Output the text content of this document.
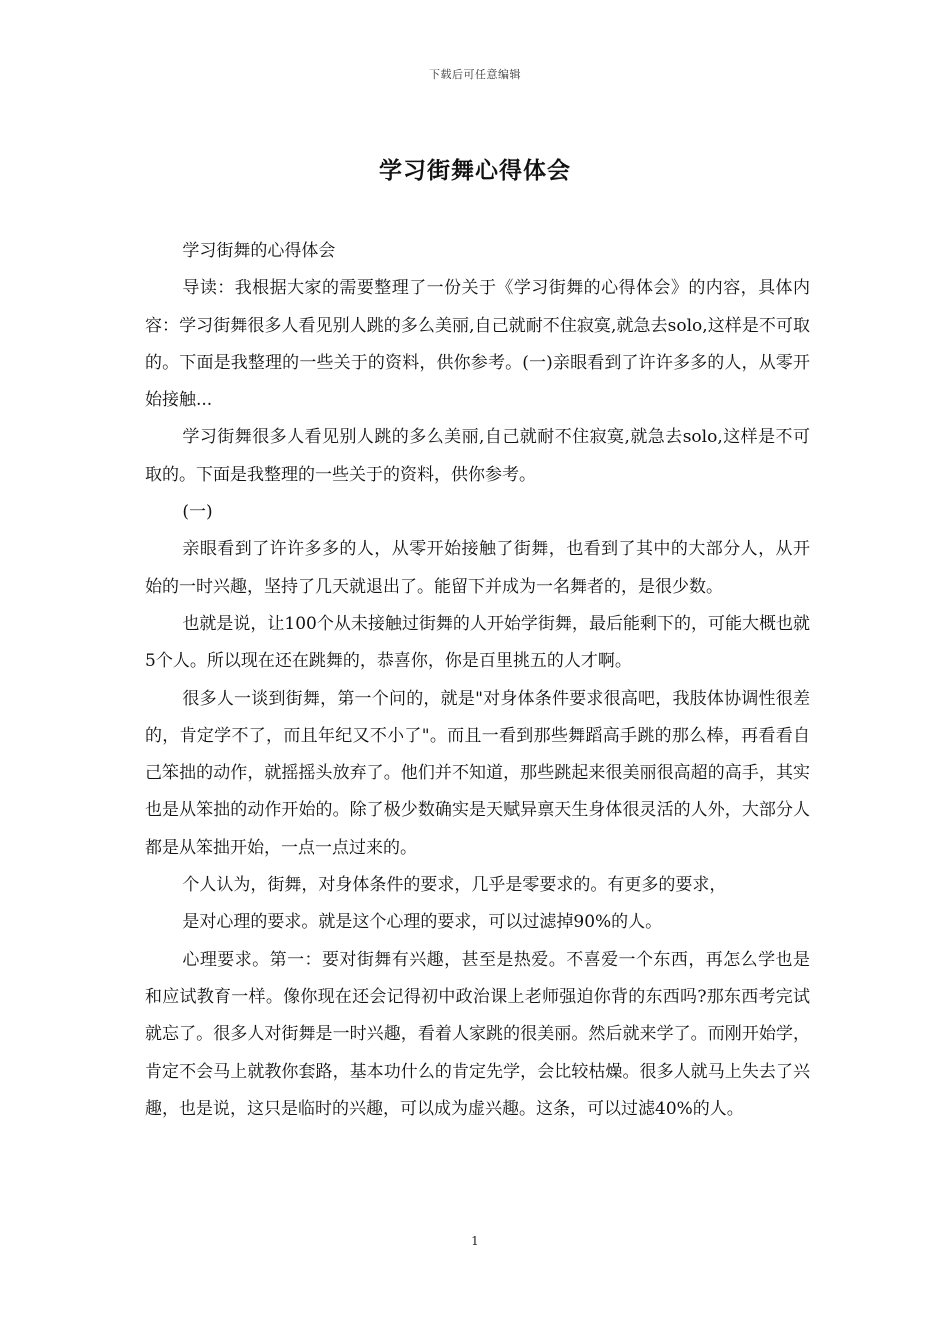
下载后可任意编辑
学习街舞心得体会

学习街舞的心得体会

导读：我根据大家的需要整理了一份关于《学习街舞的心得体会》的内容，具体内容：学习街舞很多人看见别人跳的多么美丽,自己就耐不住寂寞,就急去solo,这样是不可取的。下面是我整理的一些关于的资料，供你参考。(一)亲眼看到了许许多多的人，从零开始接触...

学习街舞很多人看见别人跳的多么美丽,自己就耐不住寂寞,就急去solo,这样是不可取的。下面是我整理的一些关于的资料，供你参考。

(一)

亲眼看到了许许多多的人，从零开始接触了街舞，也看到了其中的大部分人，从开始的一时兴趣，坚持了几天就退出了。能留下并成为一名舞者的，是很少数。

也就是说，让100个从未接触过街舞的人开始学街舞，最后能剩下的，可能大概也就5个人。所以现在还在跳舞的，恭喜你，你是百里挑五的人才啊。

很多人一谈到街舞，第一个问的，就是"对身体条件要求很高吧，我肢体协调性很差的，肯定学不了，而且年纪又不小了"。而且一看到那些舞蹈高手跳的那么棒，再看看自己笨拙的动作，就摇摇头放弃了。他们并不知道，那些跳起来很美丽很高超的高手，其实也是从笨拙的动作开始的。除了极少数确实是天赋异禀天生身体很灵活的人外，大部分人都是从笨拙开始，一点一点过来的。

个人认为，街舞，对身体条件的要求，几乎是零要求的。有更多的要求，

是对心理的要求。就是这个心理的要求，可以过滤掉90%的人。

心理要求。第一：要对街舞有兴趣，甚至是热爱。不喜爱一个东西，再怎么学也是和应试教育一样。像你现在还会记得初中政治课上老师强迫你背的东西吗?那东西考完试就忘了。很多人对街舞是一时兴趣，看着人家跳的很美丽。然后就来学了。而刚开始学，肯定不会马上就教你套路，基本功什么的肯定先学，会比较枯燥。很多人就马上失去了兴趣，也是说，这只是临时的兴趣，可以成为虚兴趣。这条，可以过滤40%的人。

1
